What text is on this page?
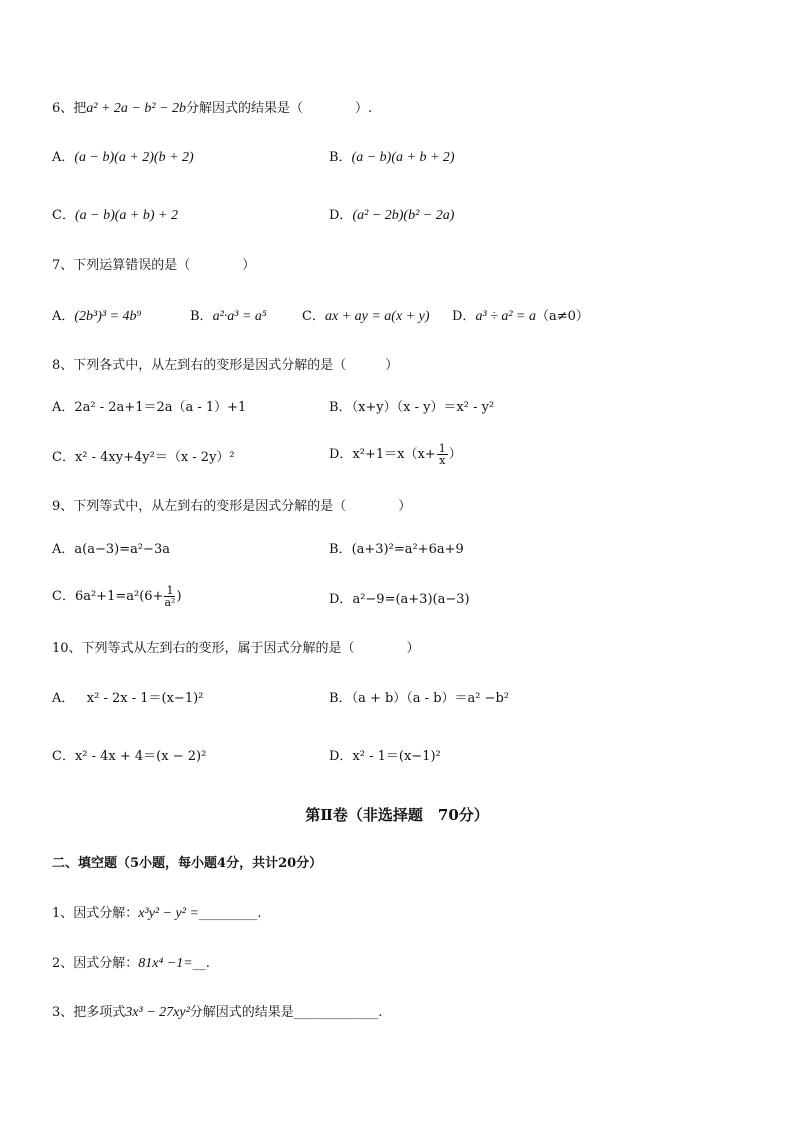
6、把a² + 2a − b² − 2b分解因式的结果是（　　　　）.
A．(a − b)(a + 2)(b + 2)	B．(a − b)(a + b + 2)
C．(a − b)(a + b) + 2	D．(a² − 2b)(b² − 2a)
7、下列运算错误的是（　　　　）
A．(2b³)³ = 4b⁹	B．a²·a³ = a⁵	C．ax + ay = a(x + y) D．a³ ÷ a² = a（a≠0）
8、下列各式中，从左到右的变形是因式分解的是（　　　）
A．2a² - 2a+1＝2a（a - 1）+1	B．（x+y）（x - y）＝x² - y²
C．x² - 4xy+4y²＝（x - 2y）²	D．$x^2+1=x(x+ \frac{1}{x}$ ）
9、下列等式中，从左到右的变形是因式分解的是（　　　　）
A．a(a−3)=a²−3a	B．(a+3)²=a²+6a+9
C．$6a^2+1=a^2(6+ \frac{1}{\text{a²}}$ )	D．a²−9=(a+3)(a−3)
10、下列等式从左到右的变形，属于因式分解的是（　　　　）
A． x² - 2x - 1＝(x−1)²	B．（a + b）（a - b）＝a² −b²
C．x² - 4x + 4＝(x − 2)²	D．x² - 1＝(x−1)²
第Ⅱ卷（非选择题　70分）
二、填空题（5小题，每小题4分，共计20分）
1、因式分解：x³y² − y² =_________.
2、因式分解：81x⁴ −1=__.
3、把多项式3x³ − 27xy²分解因式的结果是_____________.
